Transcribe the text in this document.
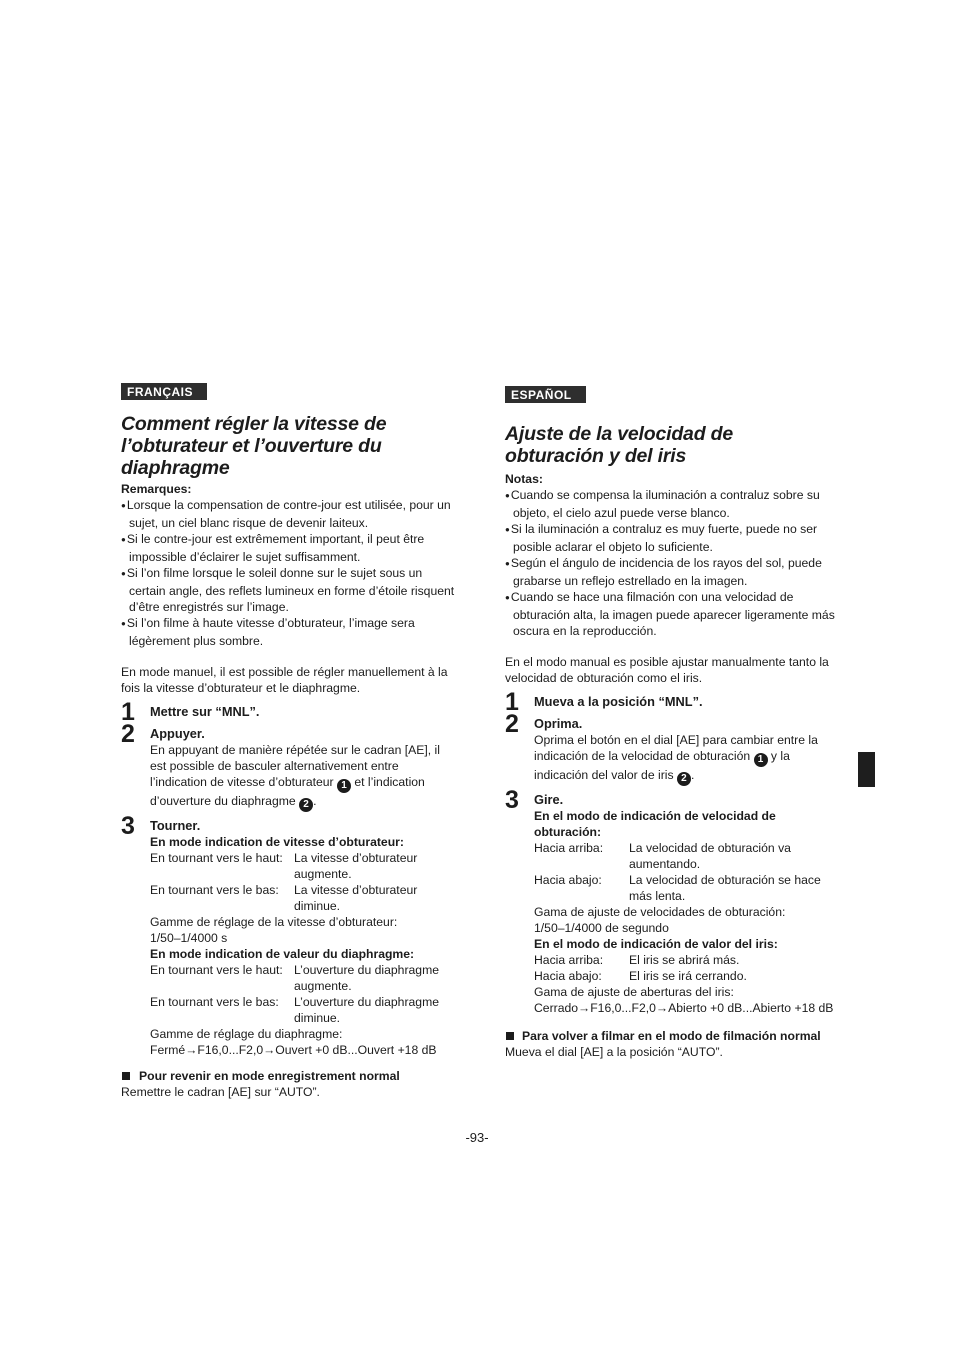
FRANÇAIS
Comment régler la vitesse de
l’obturateur et l’ouverture du
diaphragme
Remarques:
● Lorsque la compensation de contre-jour est utilisée, pour un sujet, un ciel blanc risque de devenir laiteux.
● Si le contre-jour est extrêmement important, il peut être impossible d’éclairer le sujet suffisamment.
● Si l’on filme lorsque le soleil donne sur le sujet sous un certain angle, des reflets lumineux en forme d’étoile risquent d’être enregistrés sur l’image.
● Si l’on filme à haute vitesse d’obturateur, l’image sera légèrement plus sombre.

En mode manuel, il est possible de régler manuellement à la fois la vitesse d’obturateur et le diaphragme.

1 Mettre sur “MNL”.
2 Appuyer.
En appuyant de manière répétée sur le cadran [AE], il est possible de basculer alternativement entre l’indication de vitesse d’obturateur 1 et l’indication d’ouverture du diaphragme 2 .
3 Tourner.
En mode indication de vitesse d’obturateur:
En tournant vers le haut: La vitesse d’obturateur augmente.
En tournant vers le bas:	La vitesse d’obturateur diminue.
Gamme de réglage de la vitesse d’obturateur:
1/50–1/4000 s
En mode indication de valeur du diaphragme:
En tournant vers le haut: L’ouverture du diaphragme augmente.
En tournant vers le bas:	L’ouverture du diaphragme diminue.
Gamme de réglage du diaphragme:
Fermé→F16,0...F2,0→Ouvert +0 dB...Ouvert +18 dB
Pour revenir en mode enregistrement normal
Remettre le cadran [AE] sur “AUTO”.
ESPAÑOL
Ajuste de la velocidad de
obturación y del iris
Notas:
● Cuando se compensa la iluminación a contraluz sobre su objeto, el cielo azul puede verse blanco.
● Si la iluminación a contraluz es muy fuerte, puede no ser posible aclarar el objeto lo suficiente.
● Según el ángulo de incidencia de los rayos del sol, puede grabarse un reflejo estrellado en la imagen.
● Cuando se hace una filmación con una velocidad de obturación alta, la imagen puede aparecer ligeramente más oscura en la reproducción.

En el modo manual es posible ajustar manualmente tanto la velocidad de obturación como el iris.

1 Mueva a la posición “MNL”.
2 Oprima.
Oprima el botón en el dial [AE] para cambiar entre la indicación de la velocidad de obturación 1 y la indicación del valor de iris 2 .
3 Gire.
En el modo de indicación de velocidad de obturación:
Hacia arriba:	La velocidad de obturación va aumentando.
Hacia abajo:	La velocidad de obturación se hace más lenta.
Gama de ajuste de velocidades de obturación:
1/50–1/4000 de segundo
En el modo de indicación de valor del iris:
Hacia arriba:	El iris se abrirá más.
Hacia abajo:	El iris se irá cerrando.
Gama de ajuste de aberturas del iris:
Cerrado→F16,0...F2,0→Abierto +0 dB...Abierto +18 dB
Para volver a filmar en el modo de filmación normal
Mueva el dial [AE] a la posición “AUTO”.
-93-
